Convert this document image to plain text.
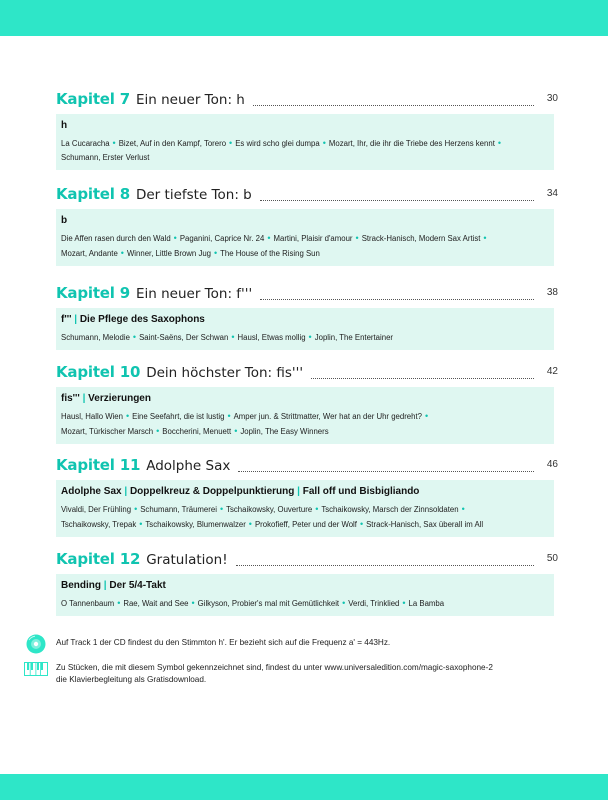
Kapitel 7 Ein neuer Ton: h	30
h
La Cucaracha • Bizet, Auf in den Kampf, Torero • Es wird scho glei dumpa • Mozart, Ihr, die ihr die Triebe des Herzens kennt •
Schumann, Erster Verlust
Kapitel 8 Der tiefste Ton: b	34
b
Die Affen rasen durch den Wald • Paganini, Caprice Nr. 24 • Martini, Plaisir d'amour • Strack-Hanisch, Modern Sax Artist •
Mozart, Andante • Winner, Little Brown Jug • The House of the Rising Sun
Kapitel 9 Ein neuer Ton: f'''	38
f''' | Die Pflege des Saxophons
Schumann, Melodie • Saint-Saëns, Der Schwan • Hausl, Etwas mollig • Joplin, The Entertainer
Kapitel 10 Dein höchster Ton: fis'''	42
fis''' | Verzierungen
Hausl, Hallo Wien • Eine Seefahrt, die ist lustig • Amper jun. & Strittmatter, Wer hat an der Uhr gedreht? •
Mozart, Türkischer Marsch • Boccherini, Menuett • Joplin, The Easy Winners
Kapitel 11 Adolphe Sax	46
Adolphe Sax | Doppelkreuz & Doppelpunktierung | Fall off und Bisbigliando
Vivaldi, Der Frühling • Schumann, Träumerei • Tschaikowsky, Ouverture • Tschaikowsky, Marsch der Zinnsoldaten •
Tschaikowsky, Trepak • Tschaikowsky, Blumenwalzer • Prokofieff, Peter und der Wolf • Strack-Hanisch, Sax überall im All
Kapitel 12 Gratulation!	50
Bending | Der 5/4-Takt
O Tannenbaum • Rae, Wait and See • Gilkyson, Probier's mal mit Gemütlichkeit • Verdi, Trinklied • La Bamba
Auf Track 1 der CD findest du den Stimmton h'. Er bezieht sich auf die Frequenz a' = 443Hz.
Zu Stücken, die mit diesem Symbol gekennzeichnet sind, findest du unter www.universaledition.com/magic-saxophone-2
die Klavierbegleitung als Gratisdownload.
